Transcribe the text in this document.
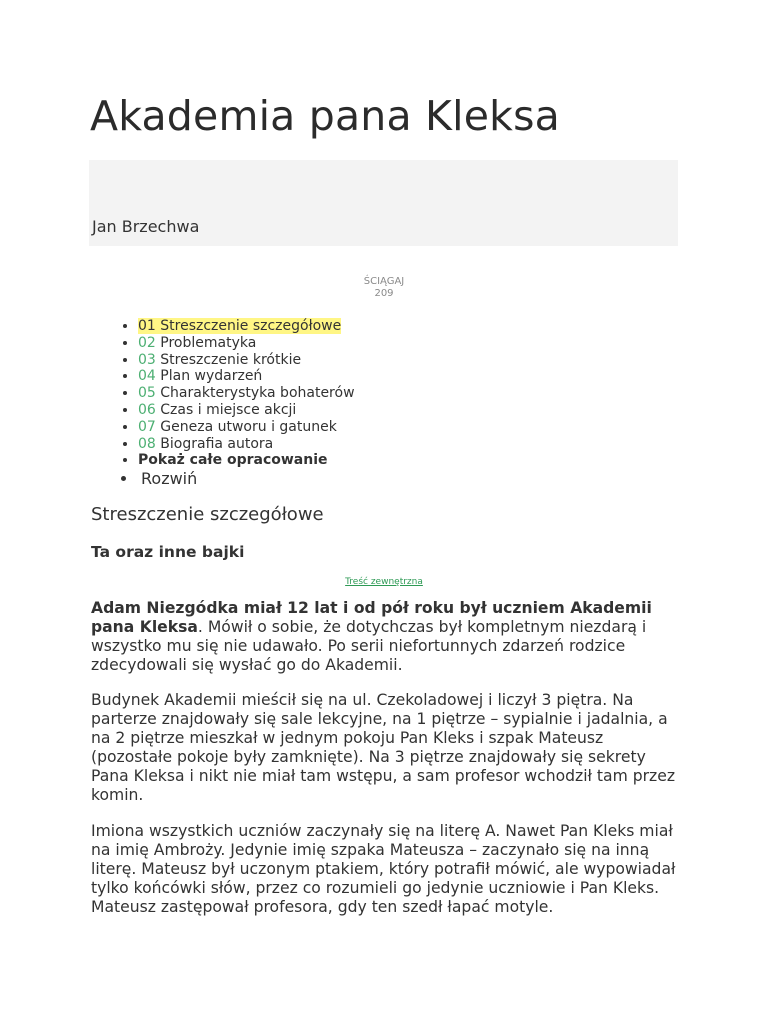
Akademia pana Kleksa
Jan Brzechwa
ŚCIĄGAJ
209
• 01 Streszczenie szczegółowe
• 02 Problematyka
• 03 Streszczenie krótkie
• 04 Plan wydarzeń
• 05 Charakterystyka bohaterów
• 06 Czas i miejsce akcji
• 07 Geneza utworu i gatunek
• 08 Biografia autora
• Pokaż całe opracowanie
• Rozwiń
Streszczenie szczegółowe
Ta oraz inne bajki
Treść zewnętrzna

Adam Niezgódka miał 12 lat i od pół roku był uczniem Akademii pana Kleksa. Mówił o sobie, że dotychczas był kompletnym niezdarą i wszystko mu się nie udawało. Po serii niefortunnych zdarzeń rodzice zdecydowali się wysłać go do Akademii.

Budynek Akademii mieścił się na ul. Czekoladowej i liczył 3 piętra. Na parterze znajdowały się sale lekcyjne, na 1 piętrze – sypialnie i jadalnia, a na 2 piętrze mieszkał w jednym pokoju Pan Kleks i szpak Mateusz (pozostałe pokoje były zamknięte). Na 3 piętrze znajdowały się sekrety Pana Kleksa i nikt nie miał tam wstępu, a sam profesor wchodził tam przez komin.

Imiona wszystkich uczniów zaczynały się na literę A. Nawet Pan Kleks miał na imię Ambroży. Jedynie imię szpaka Mateusza – zaczynało się na inną literę. Mateusz był uczonym ptakiem, który potrafił mówić, ale wypowiadał tylko końcówki słów, przez co rozumieli go jedynie uczniowie i Pan Kleks. Mateusz zastępował profesora, gdy ten szedł łapać motyle.
